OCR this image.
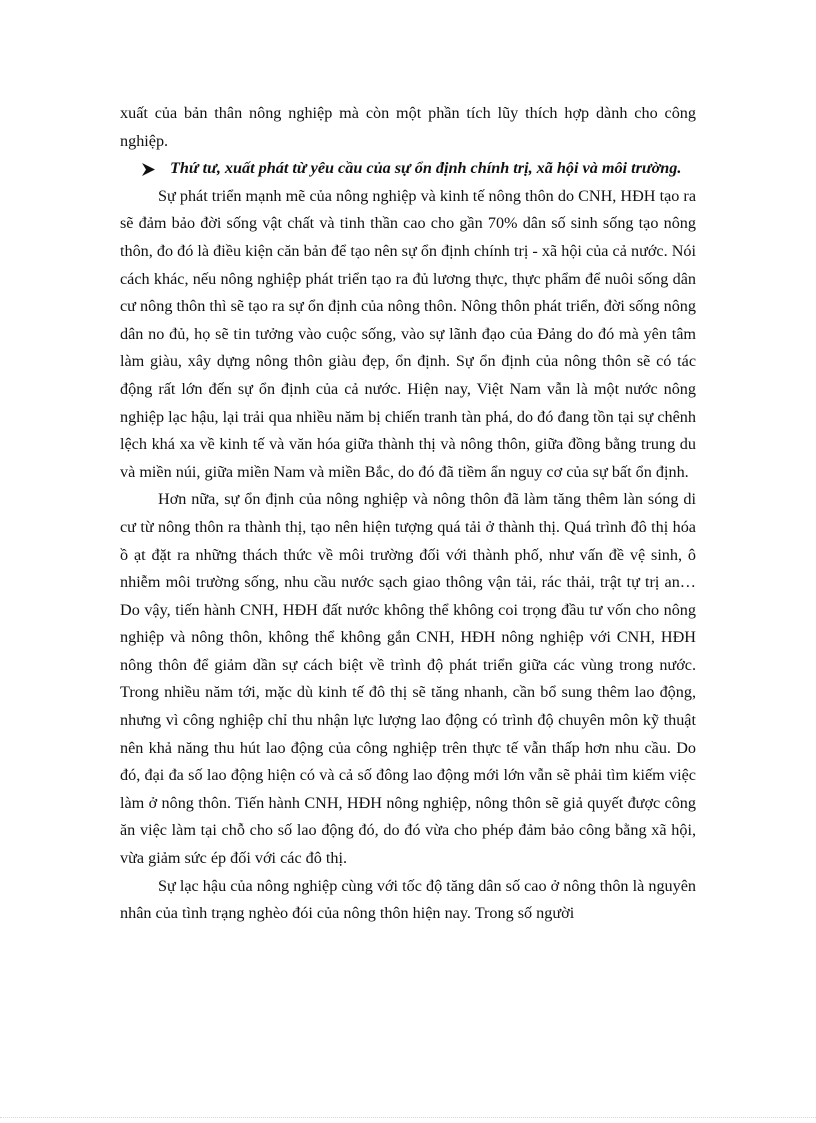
xuất của bản thân nông nghiệp mà còn một phần tích lũy thích hợp dành cho công nghiệp.

Thứ tư, xuất phát từ yêu cầu của sự ổn định chính trị, xã hội và môi trường.

Sự phát triển mạnh mẽ của nông nghiệp và kinh tế nông thôn do CNH, HĐH tạo ra sẽ đảm bảo đời sống vật chất và tinh thần cao cho gần 70% dân số sinh sống tạo nông thôn, đo đó là điều kiện căn bản để tạo nên sự ổn định chính trị - xã hội của cả nước. Nói cách khác, nếu nông nghiệp phát triển tạo ra đủ lương thực, thực phẩm để nuôi sống dân cư nông thôn thì sẽ tạo ra sự ổn định của nông thôn. Nông thôn phát triển, đời sống nông dân no đủ, họ sẽ tin tưởng vào cuộc sống, vào sự lãnh đạo của Đảng do đó mà yên tâm làm giàu, xây dựng nông thôn giàu đẹp, ổn định. Sự ổn định của nông thôn sẽ có tác động rất lớn đến sự ổn định của cả nước. Hiện nay, Việt Nam vẫn là một nước nông nghiệp lạc hậu, lại trải qua nhiều năm bị chiến tranh tàn phá, do đó đang tồn tại sự chênh lệch khá xa về kinh tế và văn hóa giữa thành thị và nông thôn, giữa đồng bằng trung du và miền núi, giữa miền Nam và miền Bắc, do đó đã tiềm ẩn nguy cơ của sự bất ổn định.

Hơn nữa, sự ổn định của nông nghiệp và nông thôn đã làm tăng thêm làn sóng di cư từ nông thôn ra thành thị, tạo nên hiện tượng quá tải ở thành thị. Quá trình đô thị hóa ồ ạt đặt ra những thách thức về môi trường đối với thành phố, như vấn đề vệ sinh, ô nhiễm môi trường sống, nhu cầu nước sạch giao thông vận tải, rác thải, trật tự trị an… Do vậy, tiến hành CNH, HĐH đất nước không thể không coi trọng đầu tư vốn cho nông nghiệp và nông thôn, không thể không gắn CNH, HĐH nông nghiệp với CNH, HĐH nông thôn để giảm dần sự cách biệt về trình độ phát triển giữa các vùng trong nước. Trong nhiều năm tới, mặc dù kinh tế đô thị sẽ tăng nhanh, cần bổ sung thêm lao động, nhưng vì công nghiệp chỉ thu nhận lực lượng lao động có trình độ chuyên môn kỹ thuật nên khả năng thu hút lao động của công nghiệp trên thực tế vẫn thấp hơn nhu cầu. Do đó, đại đa số lao động hiện có và cả số đông lao động mới lớn vẫn sẽ phải tìm kiếm việc làm ở nông thôn. Tiến hành CNH, HĐH nông nghiệp, nông thôn sẽ giả quyết được công ăn việc làm tại chỗ cho số lao động đó, do đó vừa cho phép đảm bảo công bằng xã hội, vừa giảm sức ép đối với các đô thị.

Sự lạc hậu của nông nghiệp cùng với tốc độ tăng dân số cao ở nông thôn là nguyên nhân của tình trạng nghèo đói của nông thôn hiện nay. Trong số người
